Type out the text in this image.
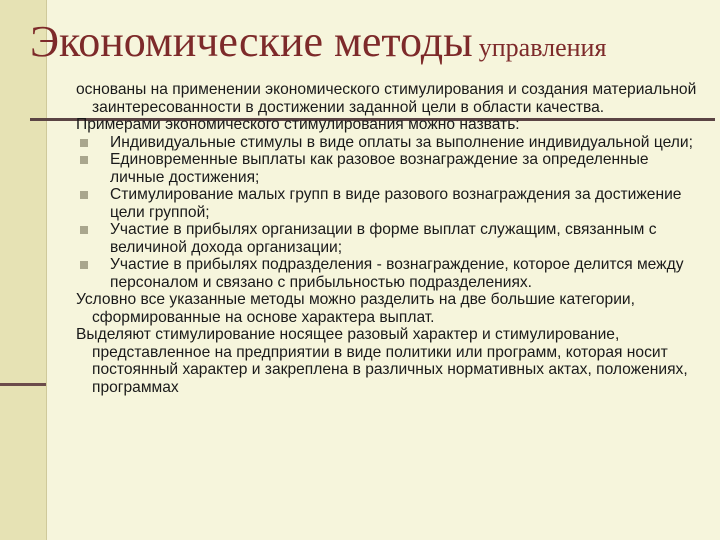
Экономические методы управления

основаны на применении экономического стимулирования и создания материальной заинтересованности в достижении заданной цели в области качества.

Примерами экономического стимулирования можно назвать:

Индивидуальные стимулы в виде оплаты за выполнение индивидуальной цели;
Единовременные выплаты как разовое вознаграждение за определенные личные достижения;
Стимулирование малых групп в виде разового вознаграждения за достижение цели группой;
Участие в прибылях организации в форме выплат служащим, связанным с величиной дохода организации;
Участие в прибылях подразделения - вознаграждение, которое делится между персоналом и связано с прибыльностью подразделениях.

Условно все указанные методы можно разделить на две большие категории, сформированные на основе характера выплат.

Выделяют стимулирование носящее разовый характер и стимулирование, представленное на предприятии в виде политики или программ, которая носит постоянный характер и закреплена в различных нормативных актах, положениях, программах
